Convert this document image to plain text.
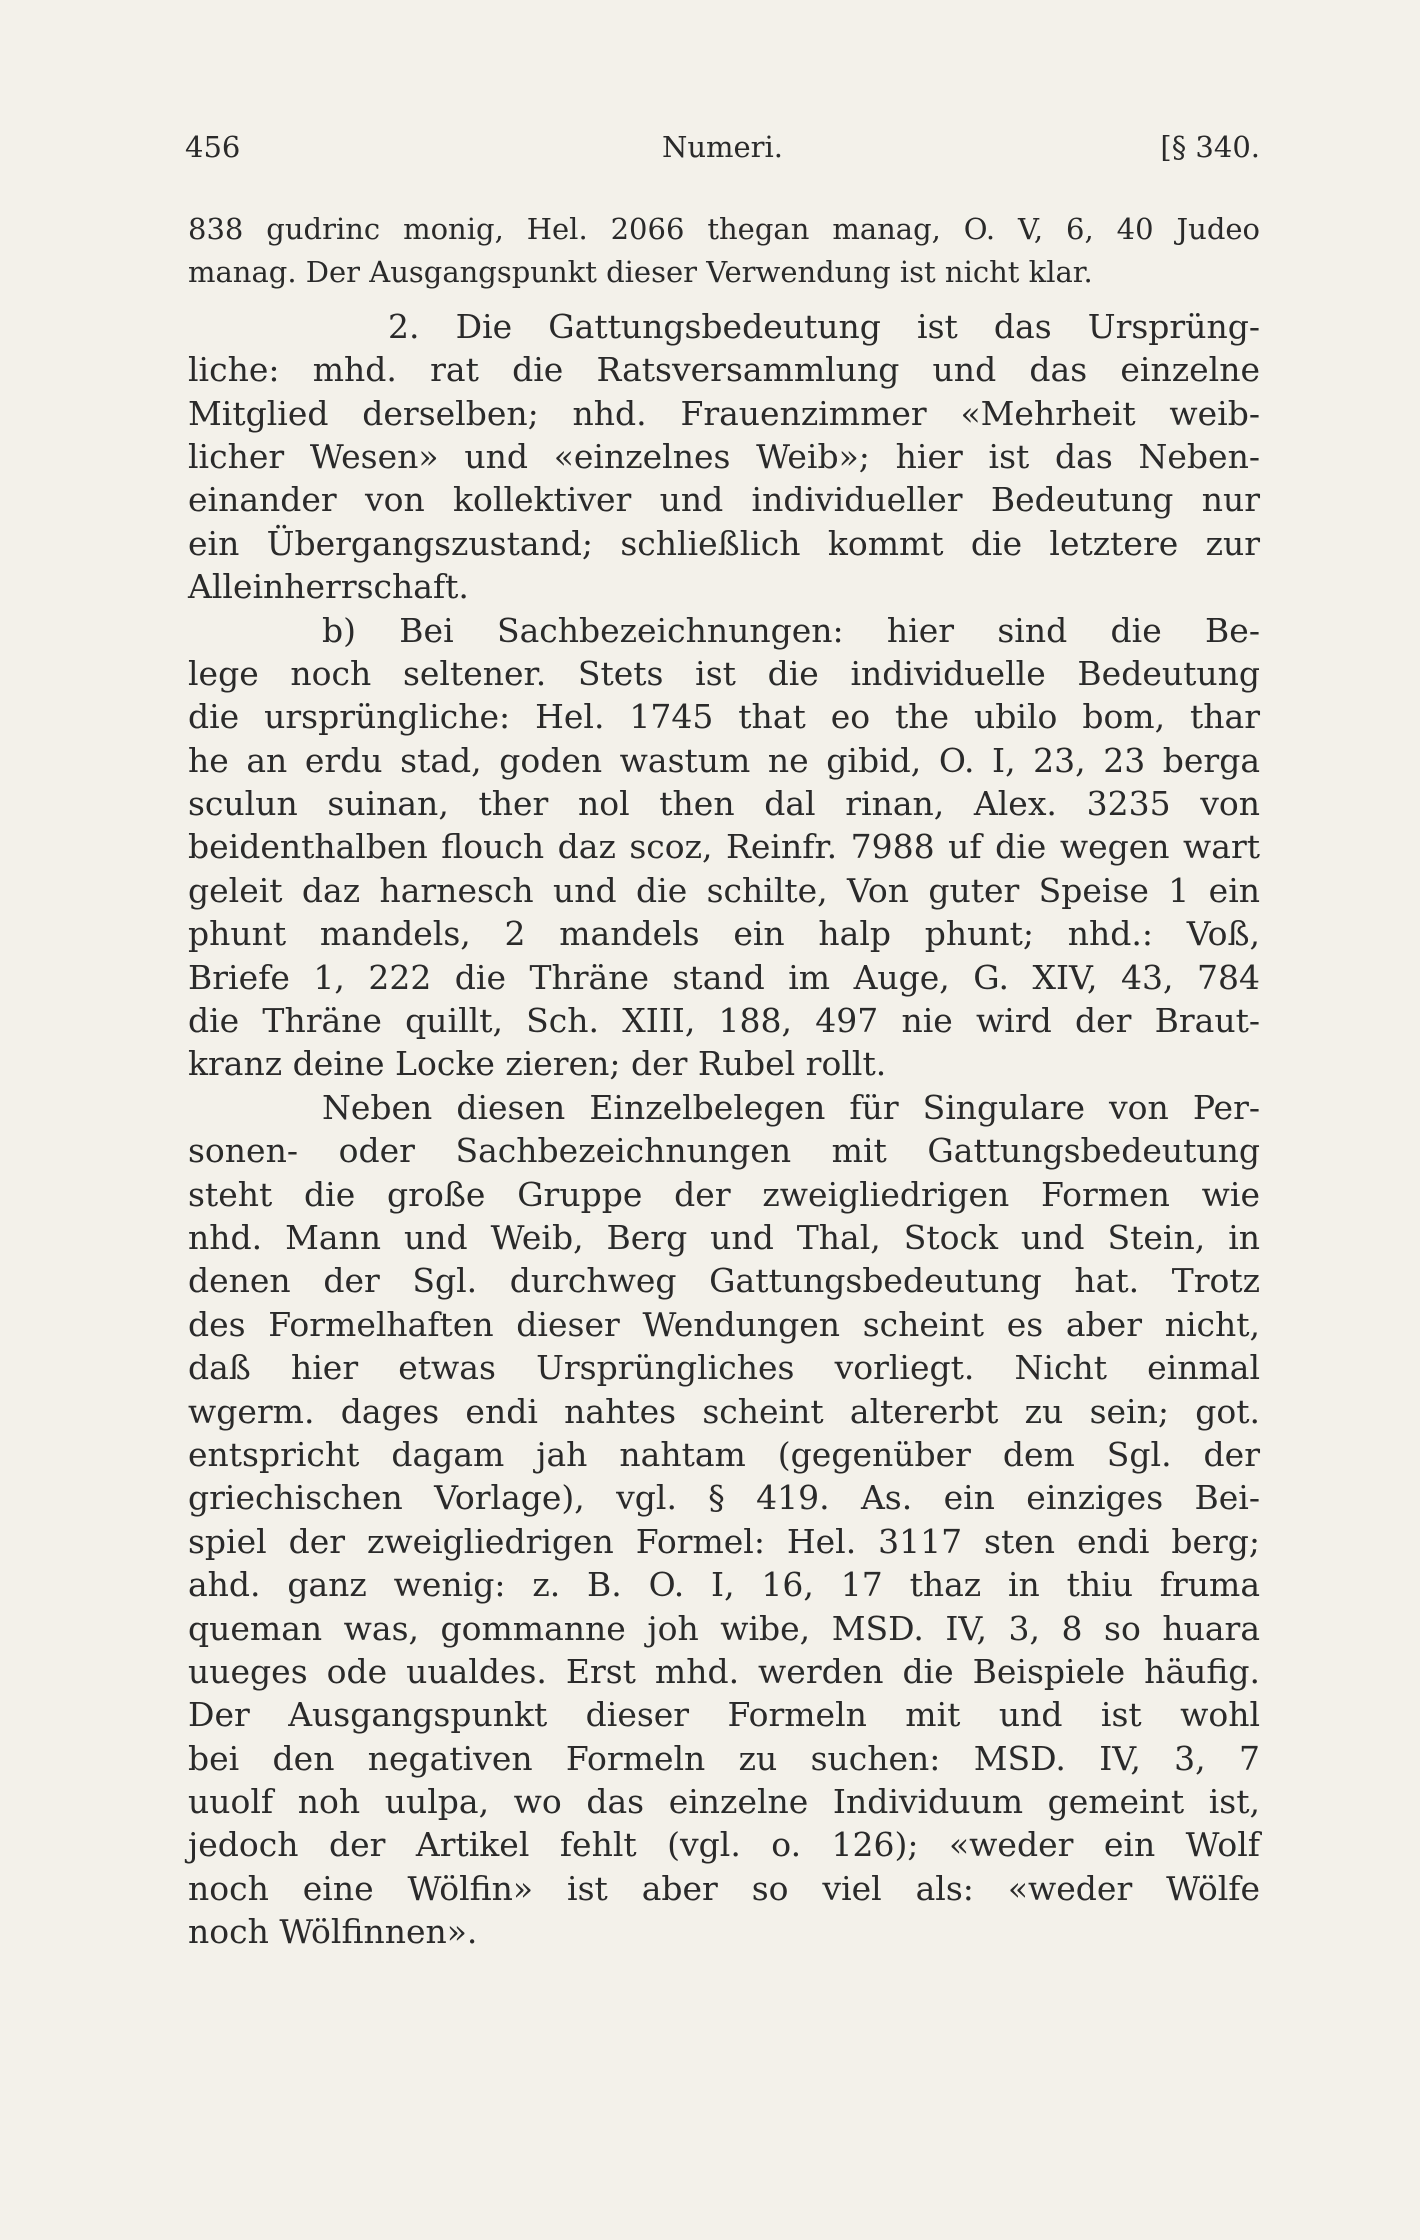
456	Numeri.	[§ 340.
838 gudrinc monig, Hel. 2066 thegan manag, O. V, 6, 40 Judeo
manag. Der Ausgangspunkt dieser Verwendung ist nicht klar.
2. Die Gattungsbedeutung ist das Ursprüng-
liche: mhd. rat die Ratsversammlung und das einzelne
Mitglied derselben; nhd. Frauenzimmer «Mehrheit weib-
licher Wesen» und «einzelnes Weib»; hier ist das Neben-
einander von kollektiver und individueller Bedeutung nur
ein Übergangszustand; schließlich kommt die letztere zur
Alleinherrschaft.
b) Bei Sachbezeichnungen: hier sind die Be-
lege noch seltener. Stets ist die individuelle Bedeutung
die ursprüngliche: Hel. 1745 that eo the ubilo bom, thar
he an erdu stad, goden wastum ne gibid, O. I, 23, 23 berga
sculun suinan, ther nol then dal rinan, Alex. 3235 von
beidenthalben flouch daz scoz, Reinfr. 7988 uf die wegen wart
geleit daz harnesch und die schilte, Von guter Speise 1 ein
phunt mandels, 2 mandels ein halp phunt; nhd.: Voß,
Briefe 1, 222 die Thräne stand im Auge, G. XIV, 43, 784
die Thräne quillt, Sch. XIII, 188, 497 nie wird der Braut-
kranz deine Locke zieren; der Rubel rollt.
Neben diesen Einzelbelegen für Singulare von Per-
sonen- oder Sachbezeichnungen mit Gattungsbedeutung
steht die große Gruppe der zweigliedrigen Formen wie
nhd. Mann und Weib, Berg und Thal, Stock und Stein, in
denen der Sgl. durchweg Gattungsbedeutung hat. Trotz
des Formelhaften dieser Wendungen scheint es aber nicht,
daß hier etwas Ursprüngliches vorliegt. Nicht einmal
wgerm. dages endi nahtes scheint altererbt zu sein; got.
entspricht dagam jah nahtam (gegenüber dem Sgl. der
griechischen Vorlage), vgl. § 419. As. ein einziges Bei-
spiel der zweigliedrigen Formel: Hel. 3117 sten endi berg;
ahd. ganz wenig: z. B. O. I, 16, 17 thaz in thiu fruma
queman was, gommanne joh wibe, MSD. IV, 3, 8 so huara
uueges ode uualdes. Erst mhd. werden die Beispiele häufig.
Der Ausgangspunkt dieser Formeln mit und ist wohl
bei den negativen Formeln zu suchen: MSD. IV, 3, 7
uuolf noh uulpa, wo das einzelne Individuum gemeint ist,
jedoch der Artikel fehlt (vgl. o. 126); «weder ein Wolf
noch eine Wölfin» ist aber so viel als: «weder Wölfe
noch Wölfinnen».
